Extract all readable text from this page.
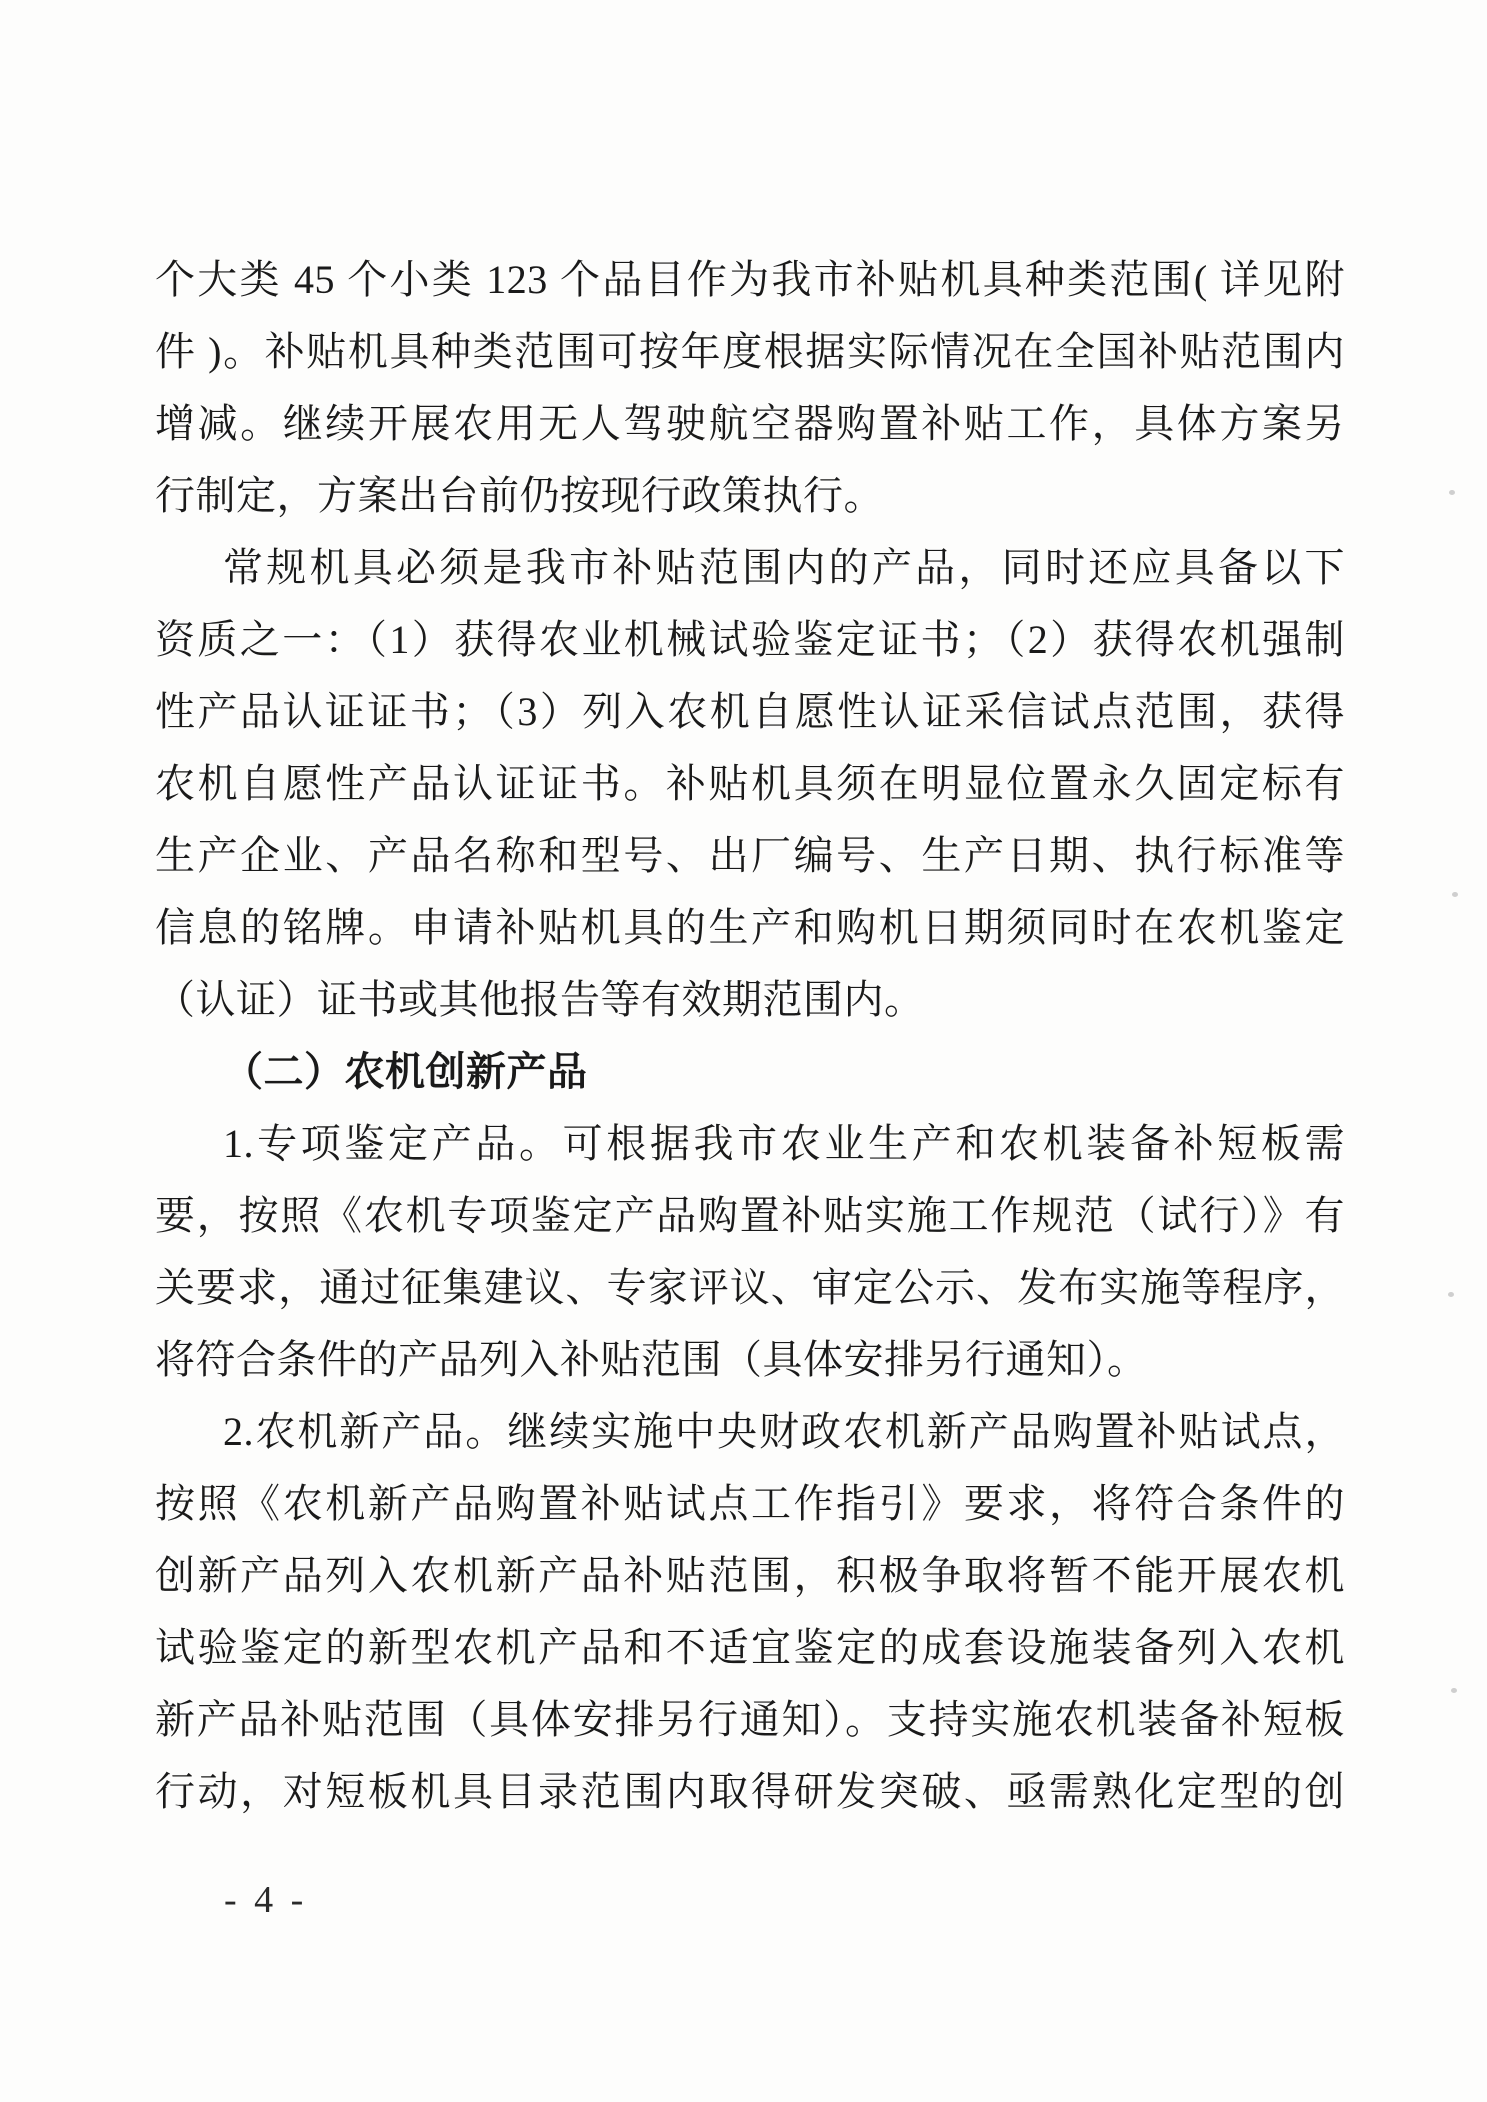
个大类 45 个小类 123 个品目作为我市补贴机具种类范围( 详见附
件 )。补贴机具种类范围可按年度根据实际情况在全国补贴范围内
增减。继续开展农用无人驾驶航空器购置补贴工作，具体方案另
行制定，方案出台前仍按现行政策执行。
常规机具必须是我市补贴范围内的产品，同时还应具备以下
资质之一：（1）获得农业机械试验鉴定证书；（2）获得农机强制
性产品认证证书；（3）列入农机自愿性认证采信试点范围，获得
农机自愿性产品认证证书。补贴机具须在明显位置永久固定标有
生产企业、产品名称和型号、出厂编号、生产日期、执行标准等
信息的铭牌。申请补贴机具的生产和购机日期须同时在农机鉴定
（认证）证书或其他报告等有效期范围内。
（二）农机创新产品
1.专项鉴定产品。可根据我市农业生产和农机装备补短板需
要，按照《农机专项鉴定产品购置补贴实施工作规范（试行）》有
关要求，通过征集建议、专家评议、审定公示、发布实施等程序，
将符合条件的产品列入补贴范围（具体安排另行通知）。
2.农机新产品。继续实施中央财政农机新产品购置补贴试点，
按照《农机新产品购置补贴试点工作指引》要求，将符合条件的
创新产品列入农机新产品补贴范围，积极争取将暂不能开展农机
试验鉴定的新型农机产品和不适宜鉴定的成套设施装备列入农机
新产品补贴范围（具体安排另行通知）。支持实施农机装备补短板
行动，对短板机具目录范围内取得研发突破、亟需熟化定型的创
- 4 -
